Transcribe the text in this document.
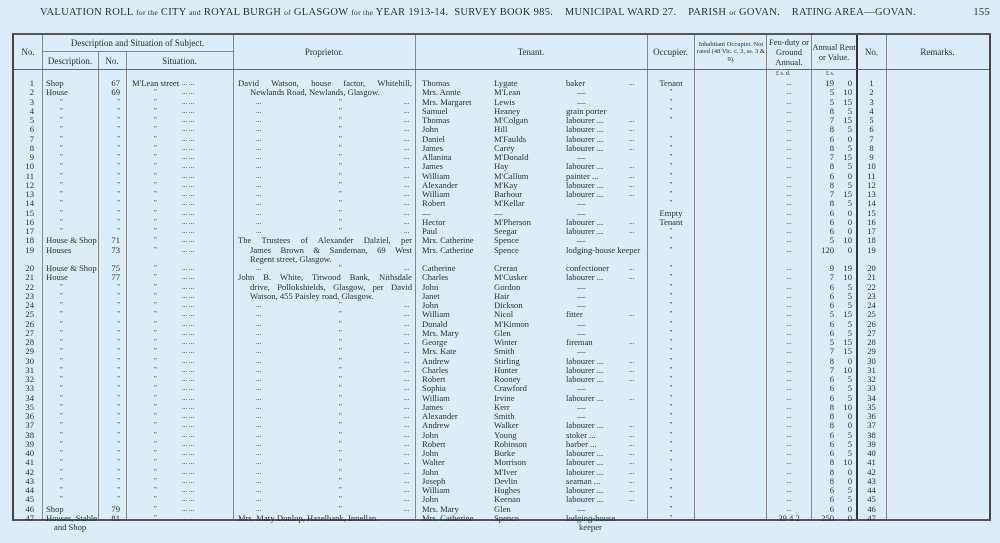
VALUATION ROLL for the CITY and ROYAL BURGH of GLASGOW for the YEAR 1913-14. SURVEY BOOK 985. MUNICIPAL WARD 27. PARISH or GOVAN. RATING AREA—GOVAN.	155
No.
Description and Situation of Subject.
Description.	No.	Situation.
Proprietor.	Tenant.	Occupier.
Inhabitant Occupier. Not rated (48 Vic. c. 3, ss. 3 & 9).
Feu-duty or Ground Annual.
Annual Rent or Value.	No.	Remarks.
£ s. d.	£ s.
David Watson, house factor, Whitehill,
Newlands Road, Newlands, Glasgow.
The Trustees of Alexander Dalziel, per
James Brown & Sandeman, 69 West
Regent street, Glasgow.
John B. White, Titwood Bank, Nithsdale
drive, Pollokshields, Glasgow, per David
Watson, 455 Paisley road, Glasgow.
Mrs. Mary Dunlop, Hazelbank, Innellan.
1 Shop	67 M'Lean street ... ...	Thomas	Lygate	baker	...	Tenant	...	19	0	1
2 House	69	"	... ...	Mrs. Annie	M'Lean	—	"	...	5	10	2
3	"	"	"	... ...	...	"	... Mrs. Margaret	Lewis	—	"	...	5	15	3
4	"	"	"	... ...	...	"	... Samuel	Heaney	grain porter	"	...	8	5	4
5	"	"	"	... ...	...	"	... Thomas	M'Colgan	labourer ...	...	"	...	7	15	5
6	"	"	"	... ...	...	"	... John	Hill	labourer ...	...	...	8	5	6
7	"	"	"	... ...	...	"	... Daniel	M'Faulds	labourer ...	...	"	...	6	0	7
8	"	"	"	... ...	...	"	... James	Carey	labourer ...	...	"	...	8	5	8
9	"	"	"	... ...	...	"	... Allanina	M'Donald	—	"	...	7	15	9
10	"	"	"	... ...	...	"	... James	Hay	labourer ...	...	"	...	8	5	10
11	"	"	"	... ...	...	"	... William	M'Callum	painter ...	...	"	...	6	0	11
12	"	"	"	... ...	...	"	... Alexander	M'Kay	labourer ...	...	"	...	8	5	12
13	"	"	"	... ...	...	"	... William	Barbour	labourer ...	...	"	...	7	15	13
14	"	"	"	... ...	...	"	... Robert	M'Kellar	—	"	...	8	5	14
15	"	"	"	... ...	...	"	... —	—	—	Empty	...	6	0	15
16	"	"	"	... ...	...	"	... Hector	M'Pherson	labourer ...	...	Tenant	...	6	0	16
17	"	"	"	... ...	...	"	... Paul	Seegar	labourer ...	...	"	...	6	0	17
18 House & Shop	71	"	... ...	Mrs. Catherine Spence	—	"	...	5	10	18
19 Houses	73	"	... ...	Mrs. Catherine Spence	lodging-house keeper	"	...	120	0	19
20 House & Shop	75	"	... ...	...	"	... Catherine	Creran	confectioner	...	"	...	9	19	20
21 House	77	"	... ...	Charles	M'Cusker	labourer ...	...	"	...	7	10	21
22	"	"	"	... ...	John	Gordon	—	"	...	6	5	22
23	"	"	"	... ...	Janet	Hair	—	"	...	6	5	23
24	"	"	"	... ...	...	"	... John	Dickson	—	"	...	6	5	24
25	"	"	"	... ...	...	"	... William	Nicol	fitter	...	"	...	5	15	25
26	"	"	"	... ...	...	"	... Donald	M'Kinnon	—	"	...	6	5	26
27	"	"	"	... ...	...	"	... Mrs. Mary	Glen	—	"	...	6	5	27
28	"	"	"	... ...	...	"	... George	Winter	fireman	...	"	...	5	15	28
29	"	"	"	... ...	...	"	... Mrs. Kate	Smith	—	"	...	7	15	29
30	"	"	"	... ...	...	"	... Andrew	Stirling	labourer ...	...	"	...	8	0	30
31	"	"	"	... ...	...	"	... Charles	Hunter	labourer ...	...	"	...	7	10	31
32	"	"	"	... ...	...	"	... Robert	Rooney	labourer ...	...	"	...	6	5	32
33	"	"	"	... ...	...	"	... Sophia	Crawford	—	"	...	6	5	33
34	"	"	"	... ...	...	"	... William	Irvine	labourer ...	...	"	...	6	5	34
35	"	"	"	... ...	...	"	... James	Kerr	—	"	...	8	10	35
36	"	"	"	... ...	...	"	... Alexander	Smith	—	"	...	8	0	36
37	"	"	"	... ...	...	"	... Andrew	Walker	labourer ...	...	"	...	8	0	37
38	"	"	"	... ...	...	"	... John	Young	stoker ...	...	"	...	6	5	38
39	"	"	"	... ...	...	"	... Robert	Robinson	barber ...	...	"	...	6	5	39
40	"	"	"	... ...	...	"	... John	Burke	labourer ...	...	"	...	6	5	40
41	"	"	"	... ...	...	"	... Walter	Morrison	labourer ...	...	"	...	8	10	41
42	"	"	"	... ...	...	"	... John	M'Iver	labourer ...	...	"	...	8	0	42
43	"	"	"	... ...	...	"	... Joseph	Devlin	seaman ...	...	"	...	8	0	43
44	"	"	"	... ...	...	"	... William	Hughes	labourer ...	...	"	...	6	5	44
45	"	"	"	... ...	...	"	... John	Keenan	labourer ...	...	"	...	6	5	45
46 Shop	79	"	... ...	...	"	... Mrs. Mary	Glen	—	"	...	6	0	46
47 Houses, Stable	81	"	... ...	Mrs. Catherine Spence	lodging-house	"	39 4 2	250	0	47
and Shop	keeper
